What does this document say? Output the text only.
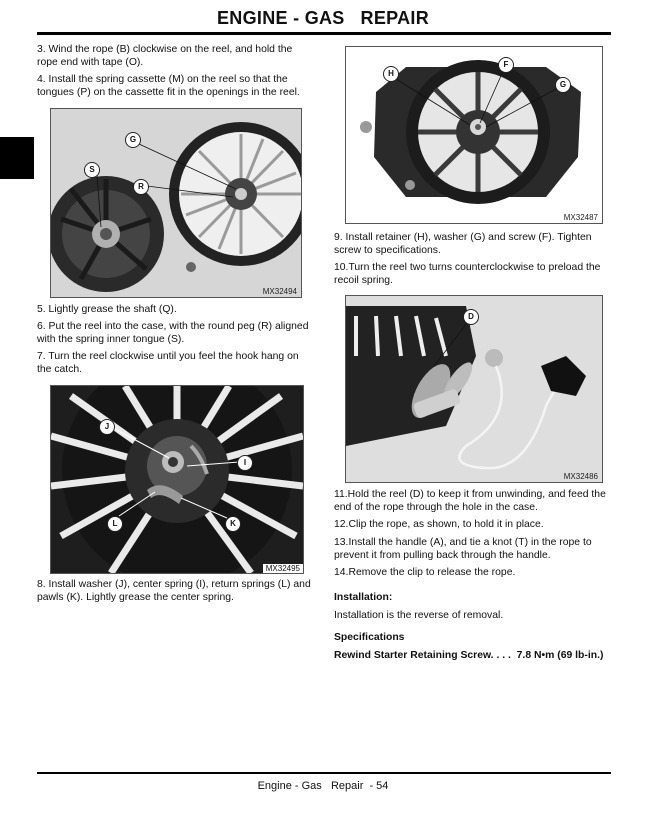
ENGINE - GAS   REPAIR

3. Wind the rope (B) clockwise on the reel, and hold the rope end with tape (O).

4. Install the spring cassette (M) on the reel so that the tongues (P) on the cassette fit in the openings in the reel.

G
S
R
MX32494

5. Lightly grease the shaft (Q).

6. Put the reel into the case, with the round peg (R) aligned with the spring inner tongue (S).

7. Turn the reel clockwise until you feel the hook hang on the catch.

J
I
L	K
MX32495

8. Install washer (J), center spring (I), return springs (L) and pawls (K). Lightly grease the center spring.

H
F
G
MX32487

9. Install retainer (H), washer (G) and screw (F). Tighten screw to specifications.

10.Turn the reel two turns counterclockwise to preload the recoil spring.

D
MX32486

11.Hold the reel (D) to keep it from unwinding, and feed the end of the rope through the hole in the case.

12.Clip the rope, as shown, to hold it in place.

13.Install the handle (A), and tie a knot (T) in the rope to prevent it from pulling back through the handle.

14.Remove the clip to release the rope.

Installation:

Installation is the reverse of removal.

Specifications

Rewind Starter Retaining Screw. . . .  7.8 N•m (69 lb-in.)

Engine - Gas   Repair  - 54
